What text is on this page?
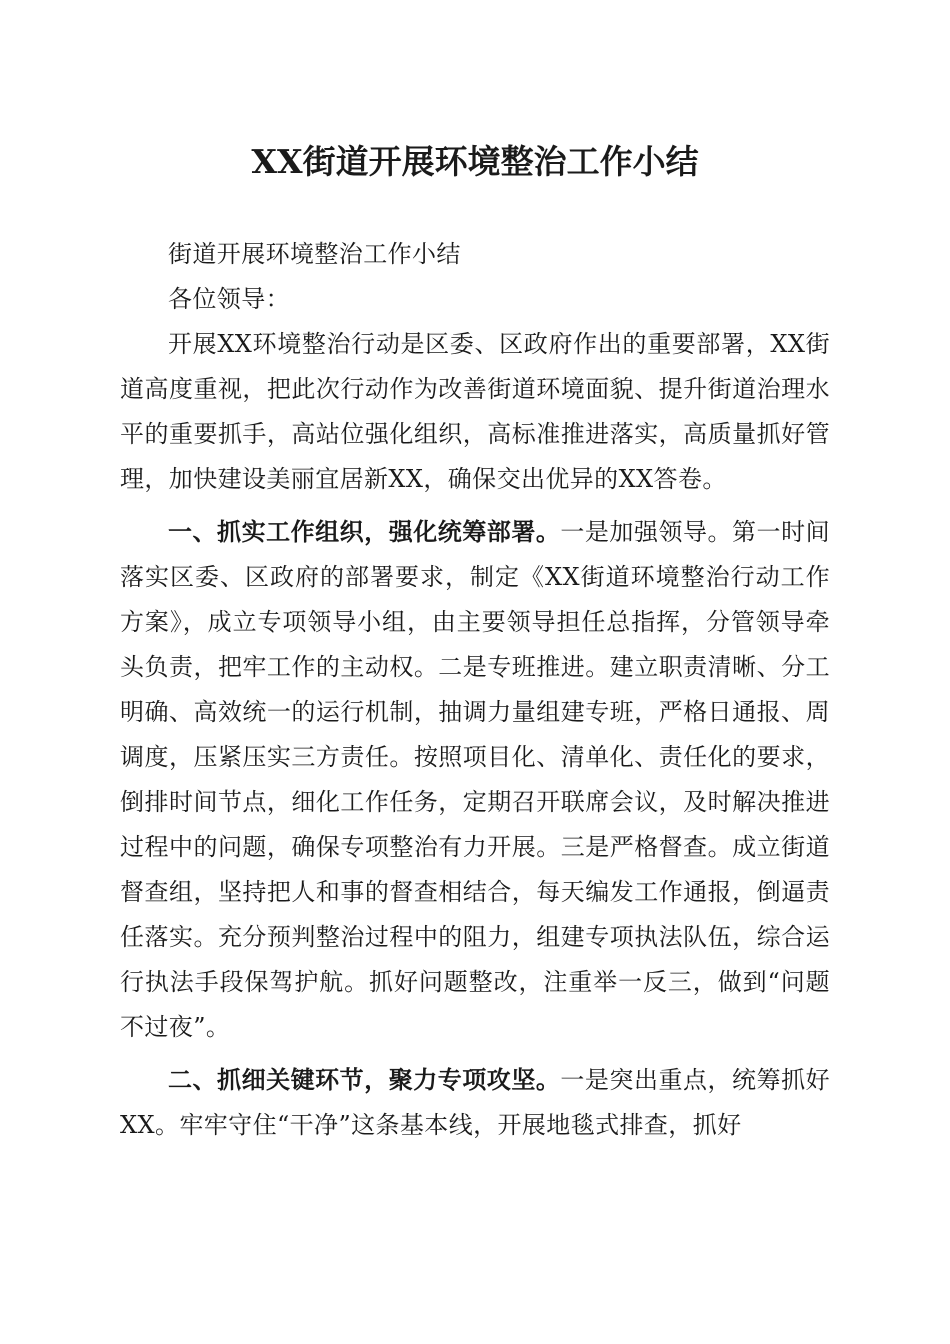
XX街道开展环境整治工作小结

街道开展环境整治工作小结

各位领导：

开展XX环境整治行动是区委、区政府作出的重要部署，XX街道高度重视，把此次行动作为改善街道环境面貌、提升街道治理水平的重要抓手，高站位强化组织，高标准推进落实，高质量抓好管理，加快建设美丽宜居新XX，确保交出优异的XX答卷。

一、抓实工作组织，强化统筹部署。一是加强领导。第一时间落实区委、区政府的部署要求，制定《XX街道环境整治行动工作方案》，成立专项领导小组，由主要领导担任总指挥，分管领导牵头负责，把牢工作的主动权。二是专班推进。建立职责清晰、分工明确、高效统一的运行机制，抽调力量组建专班，严格日通报、周调度，压紧压实三方责任。按照项目化、清单化、责任化的要求，倒排时间节点，细化工作任务，定期召开联席会议，及时解决推进过程中的问题，确保专项整治有力开展。三是严格督查。成立街道督查组，坚持把人和事的督查相结合，每天编发工作通报，倒逼责任落实。充分预判整治过程中的阻力，组建专项执法队伍，综合运行执法手段保驾护航。抓好问题整改，注重举一反三，做到“问题不过夜”。

二、抓细关键环节，聚力专项攻坚。一是突出重点，统筹抓好XX。牢牢守住“干净”这条基本线，开展地毯式排查，抓好
